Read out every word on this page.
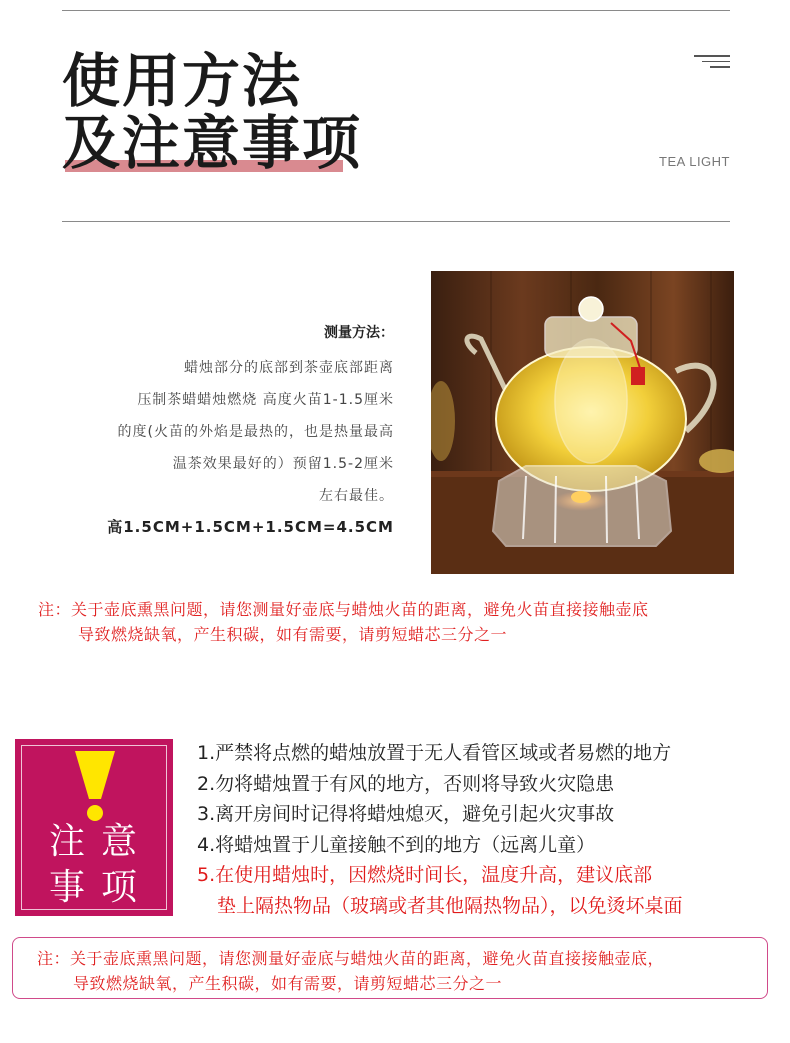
使用方法
及注意事项	TEA LIGHT
测量方法：
蜡烛部分的底部到茶壶底部距离
压制茶蜡蜡烛燃烧 高度火苗1-1.5厘米
的度(火苗的外焰是最热的，也是热量最高
温茶效果最好的）预留1.5-2厘米
左右最佳。
高1.5CM+1.5CM+1.5CM=4.5CM
注：关于壶底熏黑问题，请您测量好壶底与蜡烛火苗的距离，避免火苗直接接触壶底
导致燃烧缺氧，产生积碳，如有需要，请剪短蜡芯三分之一
注意
事项
1.严禁将点燃的蜡烛放置于无人看管区域或者易燃的地方
2.勿将蜡烛置于有风的地方，否则将导致火灾隐患
3.离开房间时记得将蜡烛熄灭，避免引起火灾事故
4.将蜡烛置于儿童接触不到的地方（远离儿童）
5.在使用蜡烛时，因燃烧时间长，温度升高，建议底部
垫上隔热物品（玻璃或者其他隔热物品），以免烫坏桌面
注：关于壶底熏黑问题，请您测量好壶底与蜡烛火苗的距离，避免火苗直接接触壶底，
导致燃烧缺氧，产生积碳，如有需要，请剪短蜡芯三分之一
